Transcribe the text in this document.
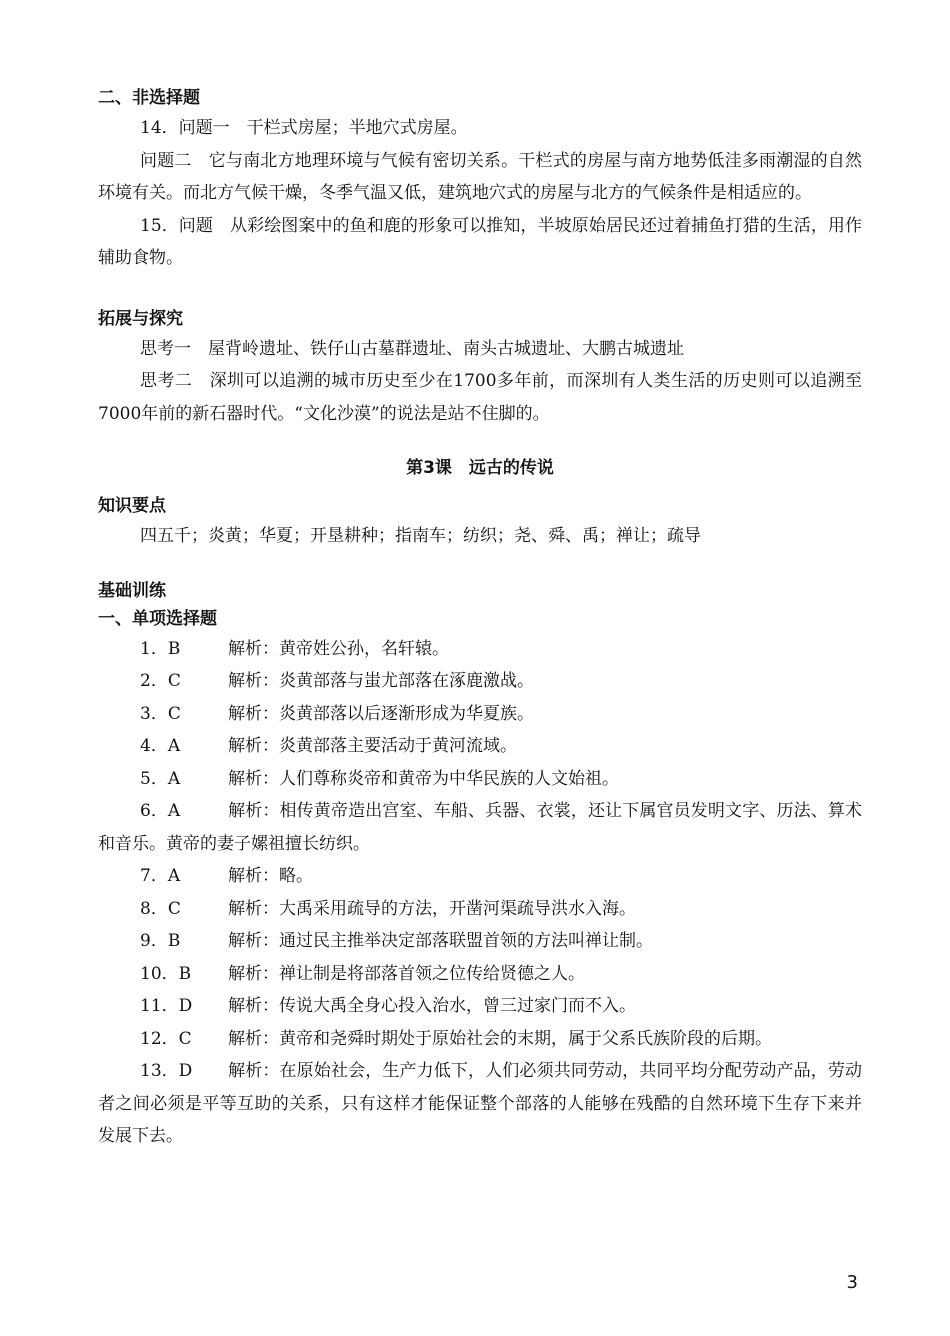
二、非选择题

14．问题一　干栏式房屋；半地穴式房屋。

问题二　它与南北方地理环境与气候有密切关系。干栏式的房屋与南方地势低洼多雨潮湿的自然环境有关。而北方气候干燥，冬季气温又低，建筑地穴式的房屋与北方的气候条件是相适应的。

15．问题　从彩绘图案中的鱼和鹿的形象可以推知，半坡原始居民还过着捕鱼打猎的生活，用作辅助食物。

拓展与探究

思考一　屋背岭遗址、铁仔山古墓群遗址、南头古城遗址、大鹏古城遗址

思考二　深圳可以追溯的城市历史至少在1700多年前，而深圳有人类生活的历史则可以追溯至7000年前的新石器时代。“文化沙漠”的说法是站不住脚的。

第3课　远古的传说
知识要点

四五千；炎黄；华夏；开垦耕种；指南车；纺织；尧、舜、禹；禅让；疏导

基础训练
一、单项选择题

1．B	解析：黄帝姓公孙，名轩辕。

2．C	解析：炎黄部落与蚩尤部落在涿鹿激战。

3．C	解析：炎黄部落以后逐渐形成为华夏族。

4．A	解析：炎黄部落主要活动于黄河流域。

5．A	解析：人们尊称炎帝和黄帝为中华民族的人文始祖。

6．A	解析：相传黄帝造出宫室、车船、兵器、衣裳，还让下属官员发明文字、历法、算术和音乐。黄帝的妻子嫘祖擅长纺织。

7．A	解析：略。

8．C	解析：大禹采用疏导的方法，开凿河渠疏导洪水入海。

9．B	解析：通过民主推举决定部落联盟首领的方法叫禅让制。

10．B 解析：禅让制是将部落首领之位传给贤德之人。

11．D 解析：传说大禹全身心投入治水，曾三过家门而不入。

12．C 解析：黄帝和尧舜时期处于原始社会的末期，属于父系氏族阶段的后期。

13．D 解析：在原始社会，生产力低下，人们必须共同劳动，共同平均分配劳动产品，劳动者之间必须是平等互助的关系，只有这样才能保证整个部落的人能够在残酷的自然环境下生存下来并发展下去。

3
